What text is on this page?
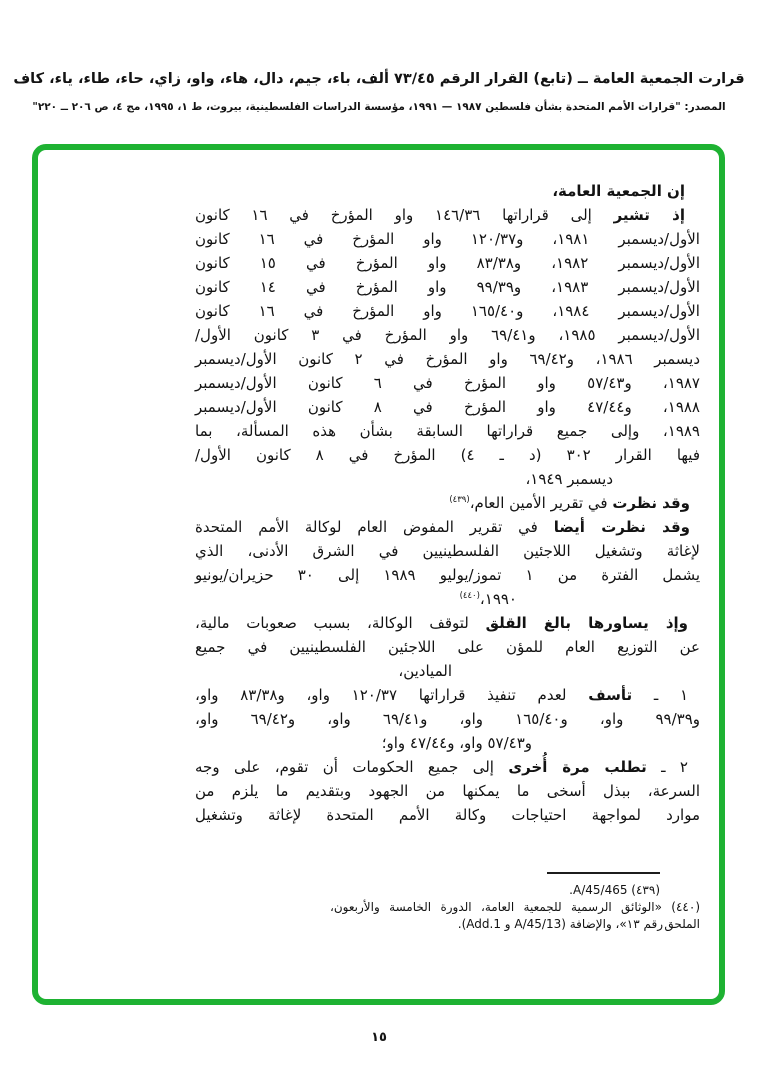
قرارت الجمعية العامة ــ (تابع) القرار الرقم ٧٣/٤٥ ألف، باء، جيم، دال، هاء، واو، زاي، حاء، طاء، ياء، كاف
المصدر: "قرارات الأمم المتحدة بشأن فلسطين ١٩٨٧ — ١٩٩١، مؤسسة الدراسات الفلسطينية، بيروت، ط ١، ١٩٩٥، مج ٤، ص ٢٠٦ ــ ٢٢٠"
إن الجمعية العامة،
إذ تشير إلى قراراتها ١٤٦/٣٦ واو المؤرخ في ١٦ كانون
الأول/ديسمبر ١٩٨١، و١٢٠/٣٧ واو المؤرخ في ١٦ كانون
الأول/ديسمبر ١٩٨٢، و٨٣/٣٨ واو المؤرخ في ١٥ كانون
الأول/ديسمبر ١٩٨٣، و٩٩/٣٩ واو المؤرخ في ١٤ كانون
الأول/ديسمبر ١٩٨٤، و١٦٥/٤٠ واو المؤرخ في ١٦ كانون
الأول/ديسمبر ١٩٨٥، و٦٩/٤١ واو المؤرخ في ٣ كانون الأول/
ديسمبر ١٩٨٦، و٦٩/٤٢ واو المؤرخ في ٢ كانون الأول/ديسمبر
١٩٨٧، و٥٧/٤٣ واو المؤرخ في ٦ كانون الأول/ديسمبر
١٩٨٨، و٤٧/٤٤ واو المؤرخ في ٨ كانون الأول/ديسمبر
١٩٨٩، وإلى جميع قراراتها السابقة بشأن هذه المسألة، بما
فيها القرار ٣٠٢ (د ـ ٤) المؤرخ في ٨ كانون الأول/
ديسمبر ١٩٤٩،
وقد نظرت في تقرير الأمين العام،$^{(٤٣٩)}$
وقد نظرت أيضا في تقرير المفوض العام لوكالة الأمم المتحدة
لإغاثة وتشغيل اللاجئين الفلسطينيين في الشرق الأدنى، الذي
يشمل الفترة من ١ تموز/يوليو ١٩٨٩ إلى ٣٠ حزيران/يونيو
١٩٩٠،$^{(٤٤٠)}$
وإذ يساورها بالغ القلق لتوقف الوكالة، بسبب صعوبات مالية،
عن التوزيع العام للمؤن على اللاجئين الفلسطينيين في جميع
الميادين،
١ ـ تأسف لعدم تنفيذ قراراتها ١٢٠/٣٧ واو، و٨٣/٣٨ واو،
و٩٩/٣٩ واو، و١٦٥/٤٠ واو، و٦٩/٤١ واو، و٦٩/٤٢ واو،
و٥٧/٤٣ واو، و٤٧/٤٤ واو؛
٢ ـ تطلب مرة أُخرى إلى جميع الحكومات أن تقوم، على وجه
السرعة، ببذل أسخى ما يمكنها من الجهود وبتقديم ما يلزم من
موارد لمواجهة احتياجات وكالة الأمم المتحدة لإغاثة وتشغيل
(٤٣٩) A/45/465.
(٤٤٠) «الوثائق الرسمية للجمعية العامة، الدورة الخامسة والأربعون، الملحق
رقم ١٣»، والإضافة (A/45/13 و Add.1).
١٥
